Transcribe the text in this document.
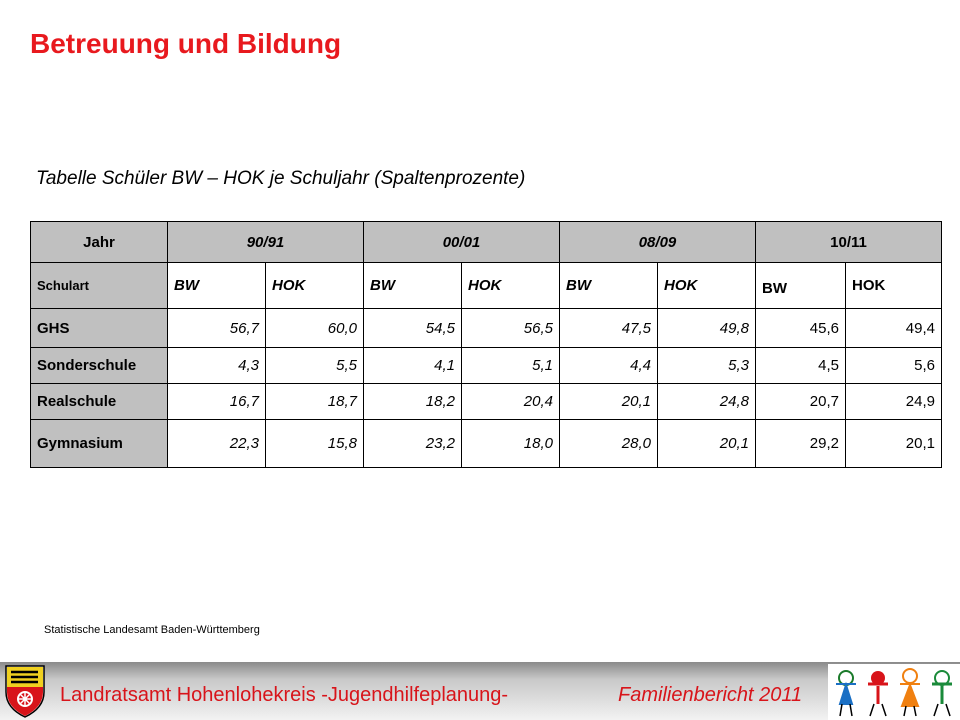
Betreuung und Bildung
Tabelle Schüler BW – HOK je Schuljahr (Spaltenprozente)
Jahr	90/91		00/01		08/09		10/11	
Schulart	BW	HOK	BW	HOK	BW	HOK	BW	HOK
GHS	56,7	60,0	54,5	56,5	47,5	49,8	45,6	49,4
Sonderschule	4,3	5,5	4,1	5,1	4,4	5,3	4,5	5,6
Realschule	16,7	18,7	18,2	20,4	20,1	24,8	20,7	24,9
Gymnasium	22,3	15,8	23,2	18,0	28,0	20,1	29,2	20,1
Statistische Landesamt Baden-Württemberg
Landratsamt Hohenlohekreis -Jugendhilfeplanung-	Familienbericht 2011
